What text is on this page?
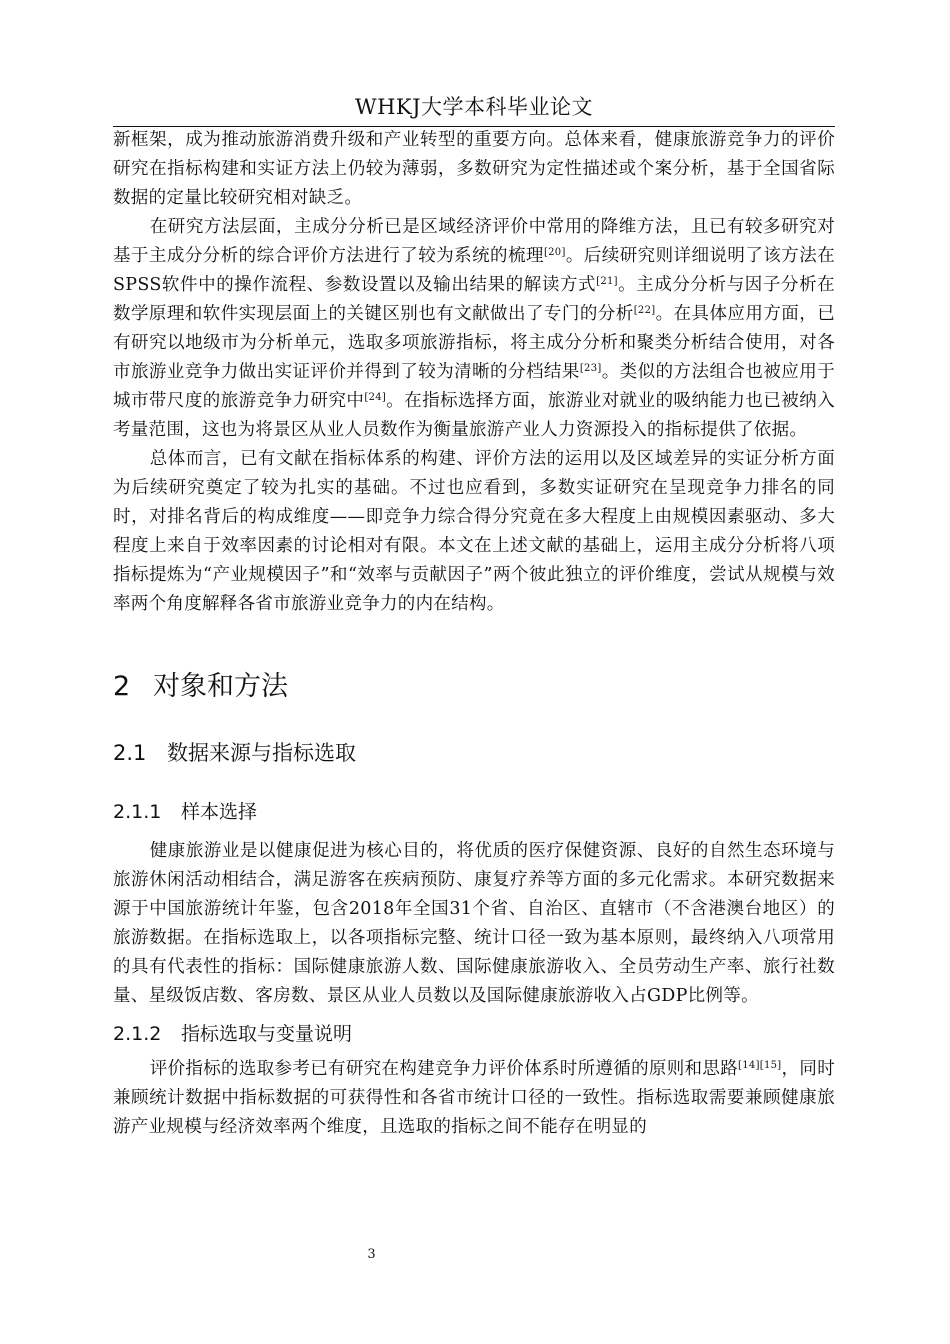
WHKJ大学本科毕业论文

新框架，成为推动旅游消费升级和产业转型的重要方向。总体来看，健康旅游竞争力的评价研究在指标构建和实证方法上仍较为薄弱，多数研究为定性描述或个案分析，基于全国省际数据的定量比较研究相对缺乏。

在研究方法层面，主成分分析已是区域经济评价中常用的降维方法，且已有较多研究对基于主成分分析的综合评价方法进行了较为系统的梳理[20]。后续研究则详细说明了该方法在SPSS软件中的操作流程、参数设置以及输出结果的解读方式[21]。主成分分析与因子分析在数学原理和软件实现层面上的关键区别也有文献做出了专门的分析[22]。在具体应用方面，已有研究以地级市为分析单元，选取多项旅游指标，将主成分分析和聚类分析结合使用，对各市旅游业竞争力做出实证评价并得到了较为清晰的分档结果[23]。类似的方法组合也被应用于城市带尺度的旅游竞争力研究中[24]。在指标选择方面，旅游业对就业的吸纳能力也已被纳入考量范围，这也为将景区从业人员数作为衡量旅游产业人力资源投入的指标提供了依据。

总体而言，已有文献在指标体系的构建、评价方法的运用以及区域差异的实证分析方面为后续研究奠定了较为扎实的基础。不过也应看到，多数实证研究在呈现竞争力排名的同时，对排名背后的构成维度——即竞争力综合得分究竟在多大程度上由规模因素驱动、多大程度上来自于效率因素的讨论相对有限。本文在上述文献的基础上，运用主成分分析将八项指标提炼为“产业规模因子”和“效率与贡献因子”两个彼此独立的评价维度，尝试从规模与效率两个角度解释各省市旅游业竞争力的内在结构。

2 对象和方法
2.1 数据来源与指标选取
2.1.1 样本选择

健康旅游业是以健康促进为核心目的，将优质的医疗保健资源、良好的自然生态环境与旅游休闲活动相结合，满足游客在疾病预防、康复疗养等方面的多元化需求。本研究数据来源于中国旅游统计年鉴，包含2018年全国31个省、自治区、直辖市（不含港澳台地区）的旅游数据。在指标选取上，以各项指标完整、统计口径一致为基本原则，最终纳入八项常用的具有代表性的指标：国际健康旅游人数、国际健康旅游收入、全员劳动生产率、旅行社数量、星级饭店数、客房数、景区从业人员数以及国际健康旅游收入占GDP比例等。

2.1.2 指标选取与变量说明

评价指标的选取参考已有研究在构建竞争力评价体系时所遵循的原则和思路[14][15]，同时兼顾统计数据中指标数据的可获得性和各省市统计口径的一致性。指标选取需要兼顾健康旅游产业规模与经济效率两个维度，且选取的指标之间不能存在明显的

3
